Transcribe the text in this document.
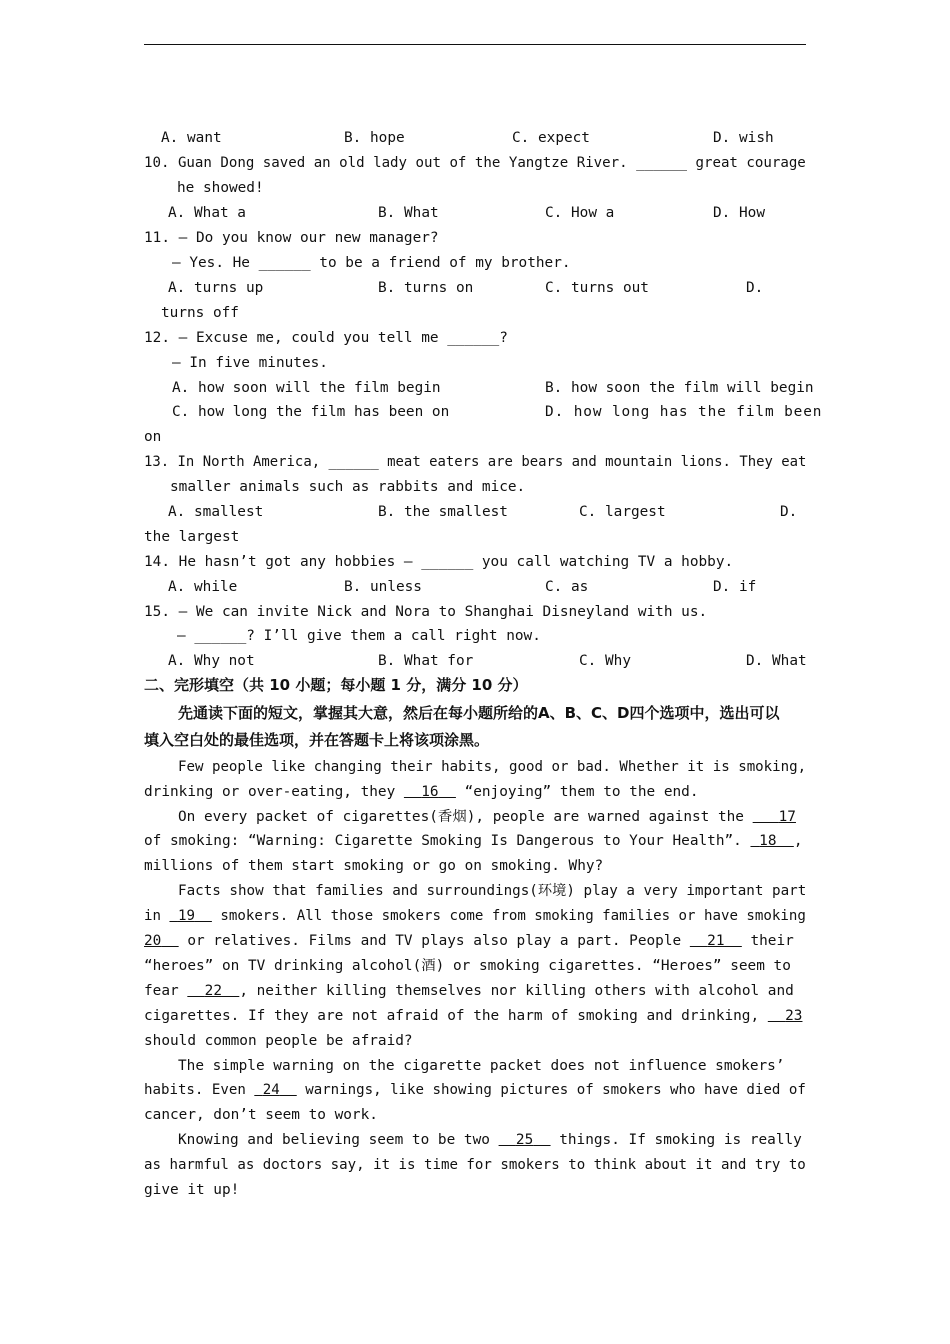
A. want	B. hope	C. expect	D. wish
10. Guan Dong saved an old lady out of the Yangtze River. ______ great courage
he showed!
A. What a	B. What	C. How a	D. How
11. — Do you know our new manager?
— Yes. He ______ to be a friend of my brother.
A. turns up	B. turns on	C. turns out	D.
turns off
12. — Excuse me, could you tell me ______?
— In five minutes.
A. how soon will the film begin	B. how soon the film will begin
C. how long the film has been on	D. how long has the film been
on
13. In North America, ______ meat eaters are bears and mountain lions. They eat
smaller animals such as rabbits and mice.
A. smallest	B. the smallest	C. largest	D.
the largest
14. He hasn’t got any hobbies — ______ you call watching TV a hobby.
A. while	B. unless	C. as	D. if
15. — We can invite Nick and Nora to Shanghai Disneyland with us.
— ______? I’ll give them a call right now.
A. Why not	B. What for	C. Why	D. What
二、完形填空（共 10 小题；每小题 1 分，满分 10 分）
先通读下面的短文，掌握其大意，然后在每小题所给的A、B、C、D四个选项中，选出可以
填入空白处的最佳选项，并在答题卡上将该项涂黑。
Few people like changing their habits, good or bad. Whether it is smoking,
drinking or over-eating, they   16   “enjoying” them to the end.
On every packet of cigarettes(香烟), people are warned against the    17
of smoking: “Warning: Cigarette Smoking Is Dangerous to Your Health”.  18 ,
millions of them start smoking or go on smoking. Why?
Facts show that families and surroundings(环境) play a very important part
in  19   smokers. All those smokers come from smoking families or have smoking
20   or relatives. Films and TV plays also play a part. People   21   their
“heroes” on TV drinking alcohol(酒) or smoking cigarettes. “Heroes” seem to
fear   22 , neither killing themselves nor killing others with alcohol and
cigarettes. If they are not afraid of the harm of smoking and drinking,   23
should common people be afraid?
The simple warning on the cigarette packet does not influence smokers’
habits. Even  24   warnings, like showing pictures of smokers who have died of
cancer, don’t seem to work.
Knowing and believing seem to be two   25   things. If smoking is really
as harmful as doctors say, it is time for smokers to think about it and try to
give it up!
